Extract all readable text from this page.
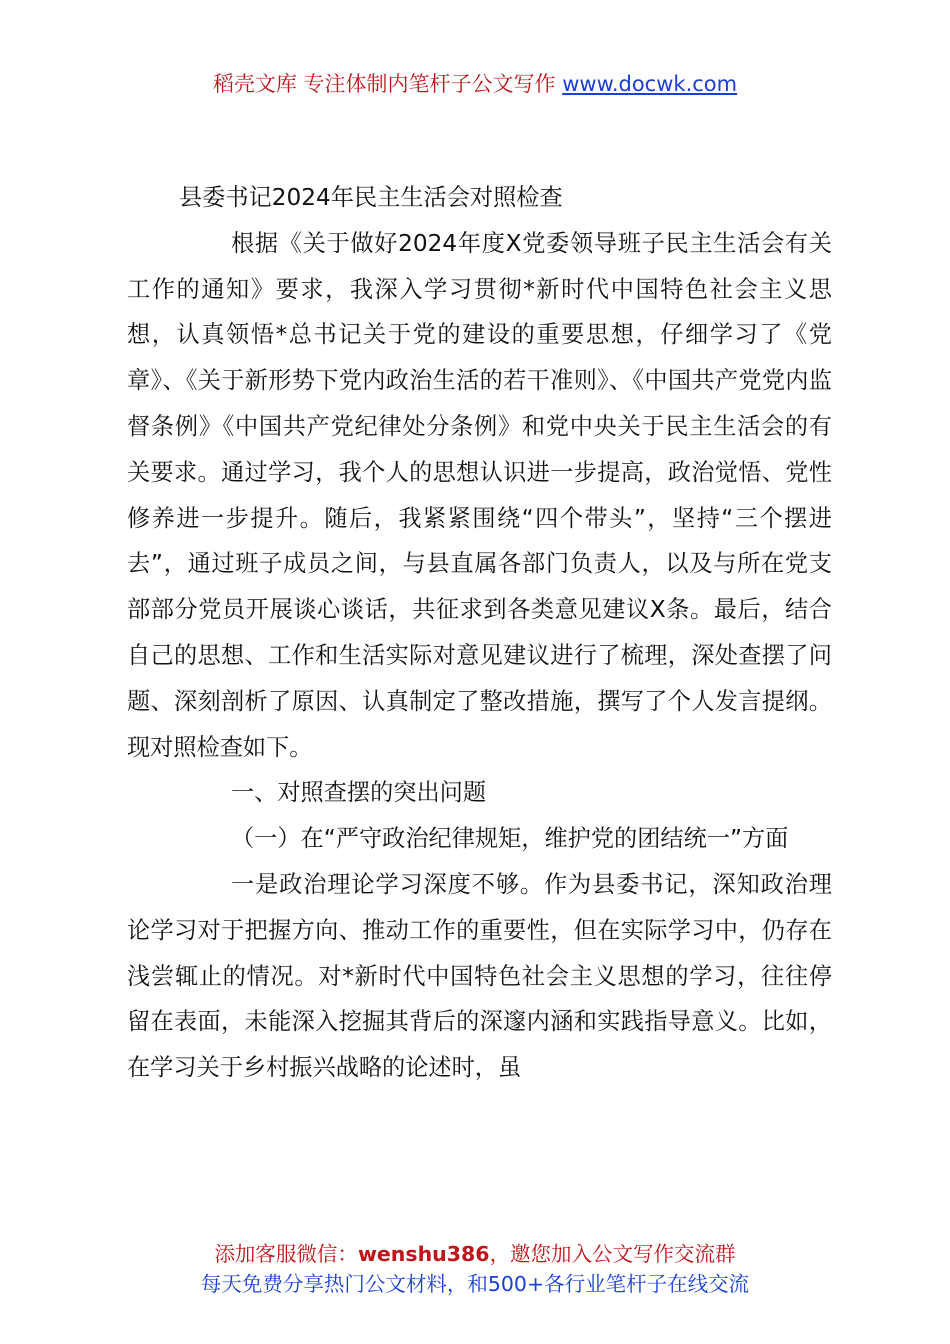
稻壳文库 专注体制内笔杆子公文写作 www.docwk.com

县委书记2024年民主生活会对照检查

根据《关于做好2024年度X党委领导班子民主生活会有关工作的通知》要求，我深入学习贯彻*新时代中国特色社会主义思想，认真领悟*总书记关于党的建设的重要思想，仔细学习了《党章》、《关于新形势下党内政治生活的若干准则》、《中国共产党党内监督条例》《中国共产党纪律处分条例》和党中央关于民主生活会的有关要求。通过学习，我个人的思想认识进一步提高，政治觉悟、党性修养进一步提升。随后，我紧紧围绕“四个带头”，坚持“三个摆进去”，通过班子成员之间，与县直属各部门负责人，以及与所在党支部部分党员开展谈心谈话，共征求到各类意见建议X条。最后，结合自己的思想、工作和生活实际对意见建议进行了梳理，深处查摆了问题、深刻剖析了原因、认真制定了整改措施，撰写了个人发言提纲。现对照检查如下。

一、对照查摆的突出问题

（一）在“严守政治纪律规矩，维护党的团结统一”方面

一是政治理论学习深度不够。作为县委书记，深知政治理论学习对于把握方向、推动工作的重要性，但在实际学习中，仍存在浅尝辄止的情况。对*新时代中国特色社会主义思想的学习，往往停留在表面，未能深入挖掘其背后的深邃内涵和实践指导意义。比如，在学习关于乡村振兴战略的论述时，虽

添加客服微信：wenshu386，邀您加入公文写作交流群
每天免费分享热门公文材料，和500+各行业笔杆子在线交流
